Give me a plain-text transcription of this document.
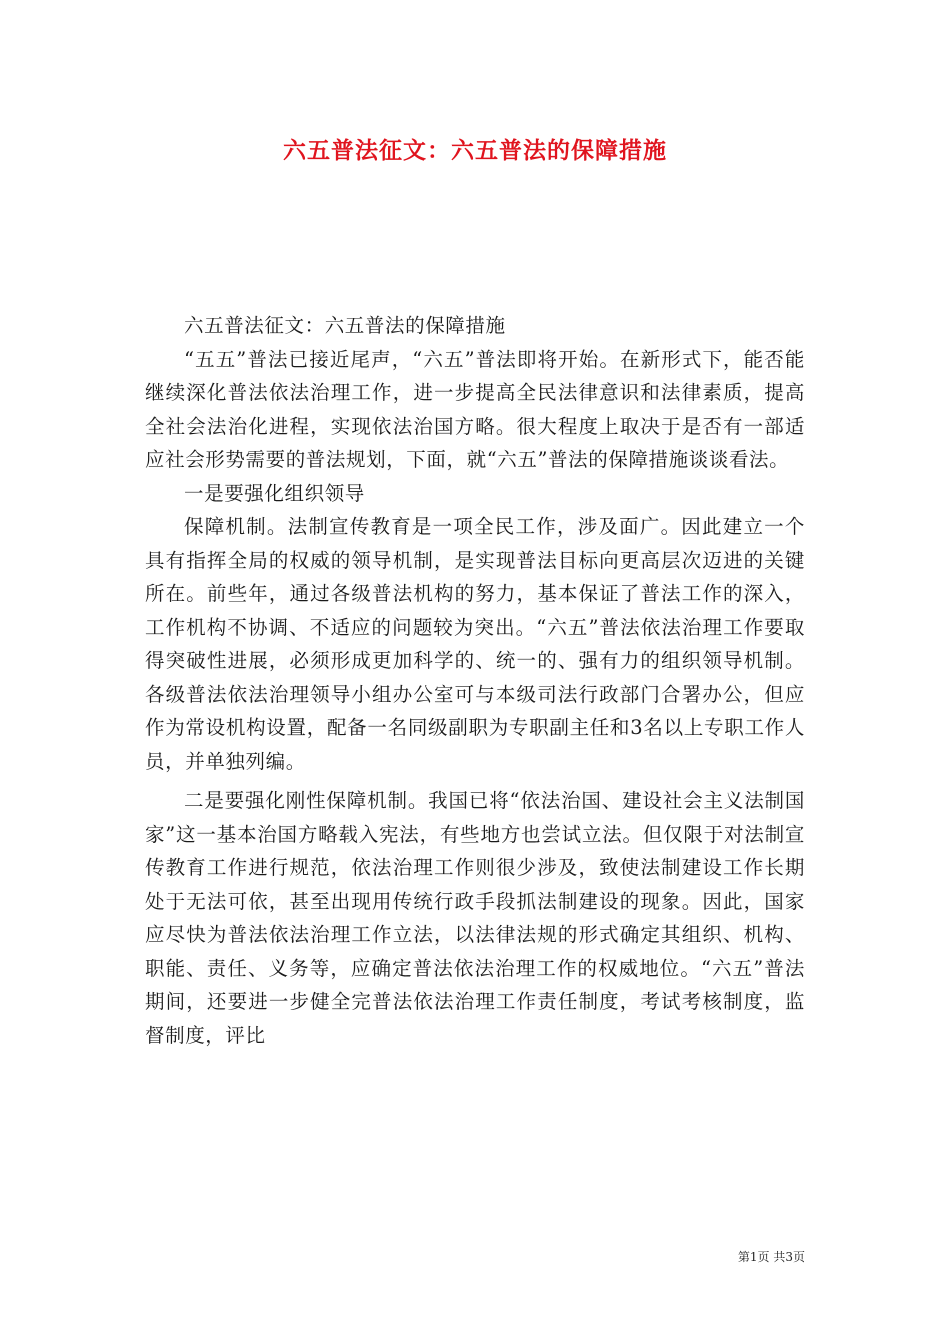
六五普法征文：六五普法的保障措施

六五普法征文：六五普法的保障措施

“五五”普法已接近尾声，“六五”普法即将开始。在新形式下，能否能继续深化普法依法治理工作，进一步提高全民法律意识和法律素质，提高全社会法治化进程，实现依法治国方略。很大程度上取决于是否有一部适应社会形势需要的普法规划，下面，就“六五”普法的保障措施谈谈看法。

一是要强化组织领导

保障机制。法制宣传教育是一项全民工作，涉及面广。因此建立一个具有指挥全局的权威的领导机制，是实现普法目标向更高层次迈进的关键所在。前些年，通过各级普法机构的努力，基本保证了普法工作的深入，工作机构不协调、不适应的问题较为突出。“六五”普法依法治理工作要取得突破性进展，必须形成更加科学的、统一的、强有力的组织领导机制。各级普法依法治理领导小组办公室可与本级司法行政部门合署办公，但应作为常设机构设置，配备一名同级副职为专职副主任和3名以上专职工作人员，并单独列编。

二是要强化刚性保障机制。我国已将“依法治国、建设社会主义法制国家”这一基本治国方略载入宪法，有些地方也尝试立法。但仅限于对法制宣传教育工作进行规范，依法治理工作则很少涉及，致使法制建设工作长期处于无法可依，甚至出现用传统行政手段抓法制建设的现象。因此，国家应尽快为普法依法治理工作立法，以法律法规的形式确定其组织、机构、职能、责任、义务等，应确定普法依法治理工作的权威地位。“六五”普法期间，还要进一步健全完普法依法治理工作责任制度，考试考核制度，监督制度，评比

第1页 共3页
